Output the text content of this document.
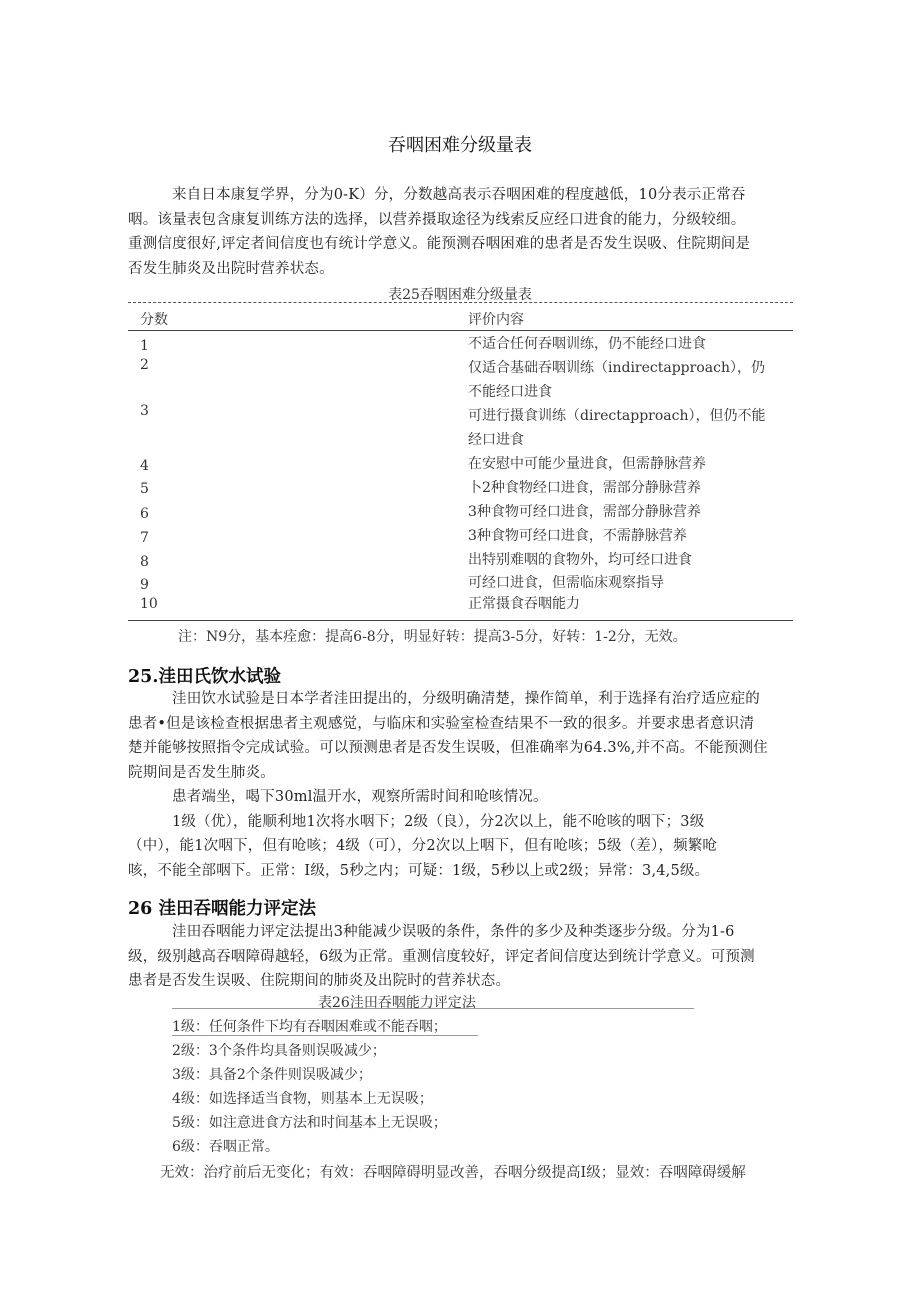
吞咽困难分级量表
来自日本康复学界，分为0-K）分，分数越高表示吞咽困难的程度越低，10分表示正常吞
咽。该量表包含康复训练方法的选择，以营养摄取途径为线索反应经口进食的能力，分级较细。
重测信度很好,评定者间信度也有统计学意义。能预测吞咽困难的患者是否发生误吸、住院期间是
否发生肺炎及出院时营养状态。
表25吞咽困难分级量表
分数	评价内容
1	不适合任何吞咽训练，仍不能经口进食
2	仅适合基础吞咽训练（indirectapproach），仍
不能经口进食
3	可进行摄食训练（directapproach），但仍不能
经口进食
4	在安慰中可能少量进食，但需静脉营养
5	卜2种食物经口进食，需部分静脉营养
6	3种食物可经口进食，需部分静脉营养
7	3种食物可经口进食，不需静脉营养
8	出特别难咽的食物外，均可经口进食
9	可经口进食，但需临床观察指导
10	正常摄食吞咽能力
注：N9分，基本痊愈：提高6-8分，明显好转：提高3-5分，好转：1-2分，无效。
25.洼田氏饮水试验
洼田饮水试验是日本学者洼田提出的，分级明确清楚，操作简单，利于选择有治疗适应症的
患者•但是该检查根据患者主观感觉，与临床和实验室检查结果不一致的很多。并要求患者意识清
楚并能够按照指令完成试验。可以预测患者是否发生误吸，但准确率为64.3%,并不高。不能预测住
院期间是否发生肺炎。
患者端坐，喝下30ml温开水，观察所需时间和呛咳情况。
1级（优），能顺利地1次将水咽下；2级（良），分2次以上，能不呛咳的咽下；3级
（中），能1次咽下，但有呛咳；4级（可），分2次以上咽下，但有呛咳；5级（差），频繁呛
咳，不能全部咽下。正常：I级，5秒之内；可疑：1级，5秒以上或2级；异常：3,4,5级。
26 洼田吞咽能力评定法
洼田吞咽能力评定法提出3种能减少误吸的条件，条件的多少及种类逐步分级。分为1-6
级，级别越高吞咽障碍越轻，6级为正常。重测信度较好，评定者间信度达到统计学意义。可预测
患者是否发生误吸、住院期间的肺炎及出院时的营养状态。
表26洼田吞咽能力评定法
1级：任何条件下均有吞咽困难或不能吞咽；
2级：3个条件均具备则误吸减少；
3级：具备2个条件则误吸减少；
4级：如选择适当食物，则基本上无误吸；
5级：如注意进食方法和时间基本上无误吸；
6级：吞咽正常。
无效：治疗前后无变化；有效：吞咽障碍明显改善，吞咽分级提高I级；显效：吞咽障碍缓解
